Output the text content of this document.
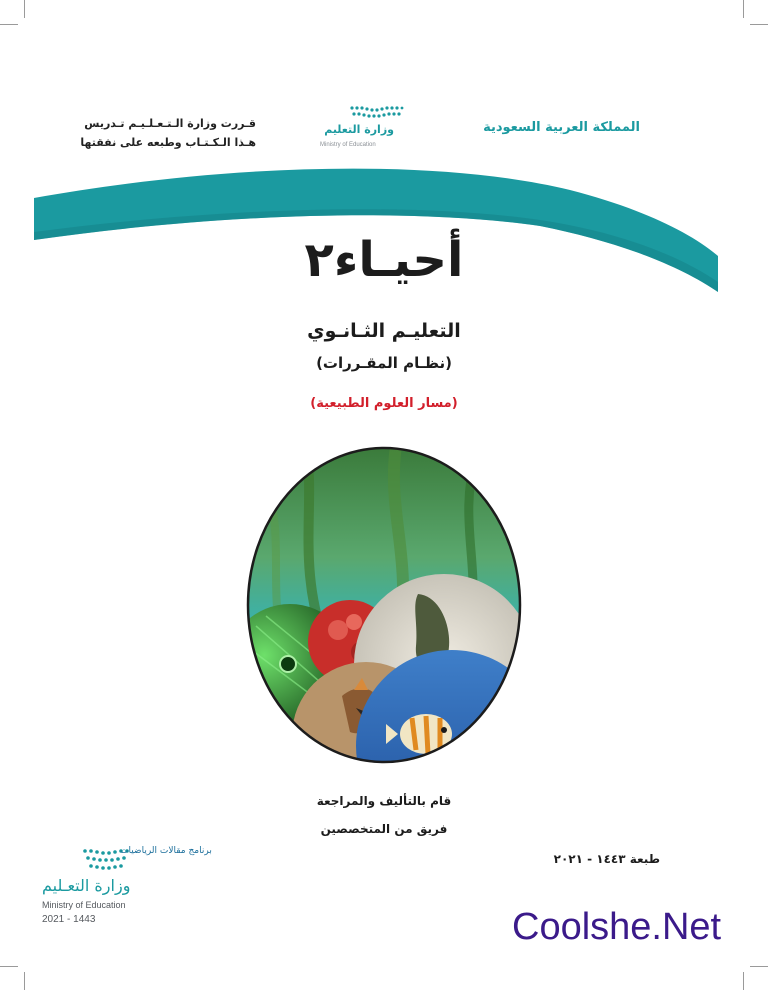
المملكة العربية السعودية
وزارة التعليم
Ministry of Education
قـررت وزارة الـتـعـلـيـم تـدريس
هـذا الـكـتـاب وطبعه على نفقتها
أحيـاء٢
التعليـم الثـانـوي
(نظـام المقـررات)
(مسار العلوم الطبيعية)
قام بالتأليف والمراجعة
فريق من المتخصصين
طبعة ١٤٤٣ - ٢٠٢١
برنامج مقالات الرياضيات
وزارة التعـليم
Ministry of Education
2021 - 1443	Coolshe.Net
